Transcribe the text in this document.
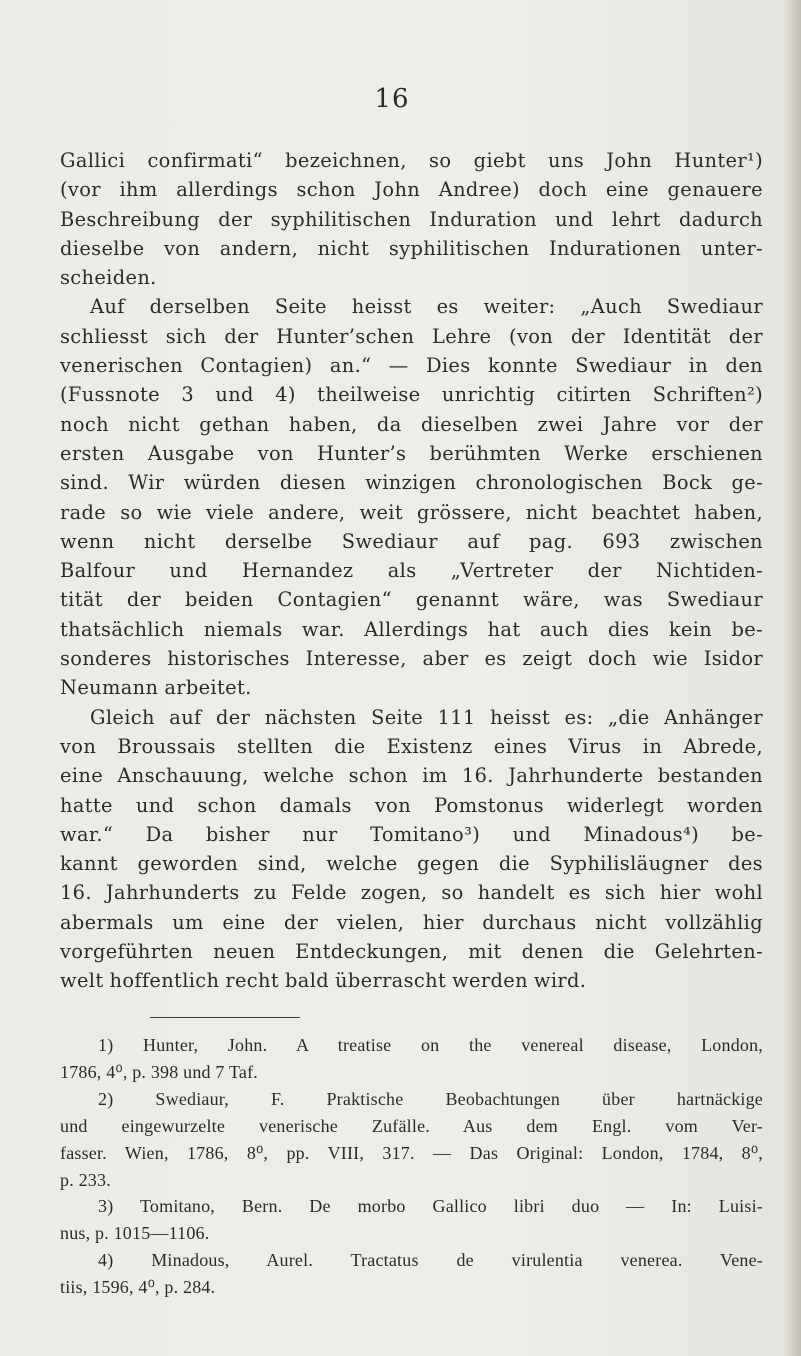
16
Gallici confirmati“ bezeichnen, so giebt uns John Hunter¹)
(vor ihm allerdings schon John Andree) doch eine genauere
Beschreibung der syphilitischen Induration und lehrt dadurch
dieselbe von andern, nicht syphilitischen Indurationen unter-
scheiden.
Auf derselben Seite heisst es weiter: „Auch Swediaur
schliesst sich der Hunter’schen Lehre (von der Identität der
venerischen Contagien) an.“ — Dies konnte Swediaur in den
(Fussnote 3 und 4) theilweise unrichtig citirten Schriften²)
noch nicht gethan haben, da dieselben zwei Jahre vor der
ersten Ausgabe von Hunter’s berühmten Werke erschienen
sind. Wir würden diesen winzigen chronologischen Bock ge-
rade so wie viele andere, weit grössere, nicht beachtet haben,
wenn nicht derselbe Swediaur auf pag. 693 zwischen
Balfour und Hernandez als „Vertreter der Nichtiden-
tität der beiden Contagien“ genannt wäre, was Swediaur
thatsächlich niemals war. Allerdings hat auch dies kein be-
sonderes historisches Interesse, aber es zeigt doch wie Isidor
Neumann arbeitet.
Gleich auf der nächsten Seite 111 heisst es: „die Anhänger
von Broussais stellten die Existenz eines Virus in Abrede,
eine Anschauung, welche schon im 16. Jahrhunderte bestanden
hatte und schon damals von Pomstonus widerlegt worden
war.“ Da bisher nur Tomitano³) und Minadous⁴) be-
kannt geworden sind, welche gegen die Syphilisläugner des
16. Jahrhunderts zu Felde zogen, so handelt es sich hier wohl
abermals um eine der vielen, hier durchaus nicht vollzählig
vorgeführten neuen Entdeckungen, mit denen die Gelehrten-
welt hoffentlich recht bald überrascht werden wird.
1) Hunter, John. A treatise on the venereal disease, London,
1786, 4⁰, p. 398 und 7 Taf.
2) Swediaur, F. Praktische Beobachtungen über hartnäckige
und eingewurzelte venerische Zufälle. Aus dem Engl. vom Ver-
fasser. Wien, 1786, 8⁰, pp. VIII, 317. — Das Original: London, 1784, 8⁰,
p. 233.
3) Tomitano, Bern. De morbo Gallico libri duo — In: Luisi-
nus, p. 1015—1106.
4) Minadous, Aurel. Tractatus de virulentia venerea. Vene-
tiis, 1596, 4⁰, p. 284.
